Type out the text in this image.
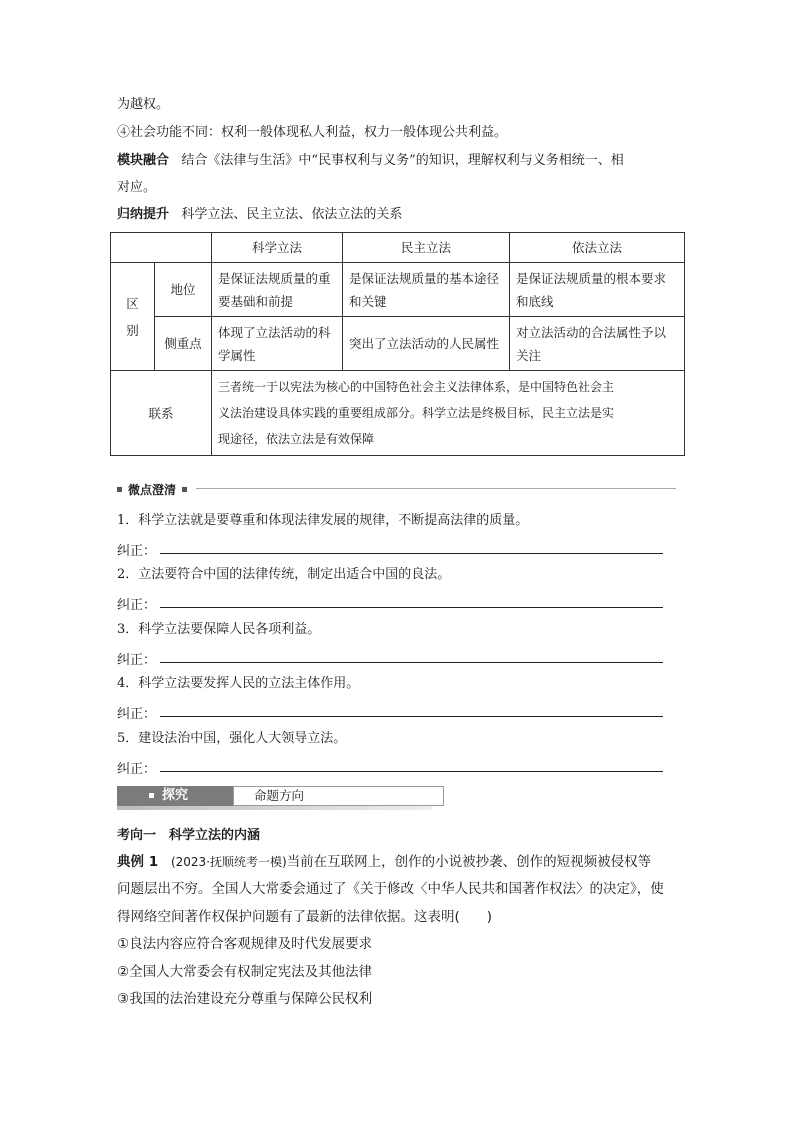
为越权。
④社会功能不同：权利一般体现私人利益，权力一般体现公共利益。
模块融合 结合《法律与生活》中“民事权利与义务”的知识，理解权利与义务相统一、相
对应。
归纳提升 科学立法、民主立法、依法立法的关系
		科学立法	民主立法	依法立法

区
别	地位	是保证法规质量的重要基础和前提	是保证法规质量的基本途径和关键	是保证法规质量的根本要求和底线
	侧重点	体现了立法活动的科学属性	突出了立法活动的人民属性	对立法活动的合法属性予以关注
联系		三者统一于以宪法为核心的中国特色社会主义法律体系，是中国特色社会主
义法治建设具体实践的重要组成部分。科学立法是终极目标，民主立法是实
现途径，依法立法是有效保障		
微点澄清
1．科学立法就是要尊重和体现法律发展的规律，不断提高法律的质量。
纠正：
2．立法要符合中国的法律传统，制定出适合中国的良法。
纠正：
3．科学立法要保障人民各项利益。
纠正：
4．科学立法要发挥人民的立法主体作用。
纠正：
5．建设法治中国，强化人大领导立法。
纠正：
探究	命题方向
考向一　科学立法的内涵
典例 1 (2023·抚顺统考一模)当前在互联网上，创作的小说被抄袭、创作的短视频被侵权等
问题层出不穷。全国人大常委会通过了《关于修改〈中华人民共和国著作权法〉的决定》，使
得网络空间著作权保护问题有了最新的法律依据。这表明(　　)
①良法内容应符合客观规律及时代发展要求
②全国人大常委会有权制定宪法及其他法律
③我国的法治建设充分尊重与保障公民权利
